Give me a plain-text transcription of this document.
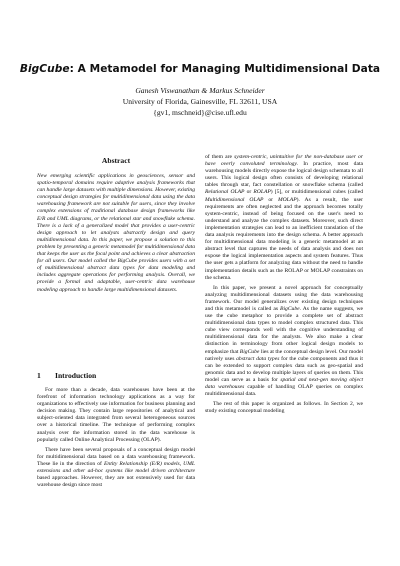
BigCube: A Metamodel for Managing Multidimensional Data
Ganesh Viswanathan & Markus Schneider
University of Florida, Gainesville, FL 32611, USA
{gv1, mschneid}@cise.ufl.edu
Abstract

New emerging scientific applications in geosciences, sensor and spatio-temporal domains require adaptive analysis frameworks that can handle large datasets with multiple dimensions. However, existing conceptual design strategies for multidimensional data using the data warehousing framework are not suitable for users, since they involve complex extensions of traditional database design frameworks like E/R and UML diagrams, or the relational star and snowflake schema. There is a lack of a generalized model that provides a user-centric design approach to let analysts abstractly design and query multidimensional data. In this paper, we propose a solution to this problem by presenting a generic metamodel for multidimensional data that keeps the user as the focal point and achieves a clear abstraction for all users. Our model called the BigCube provides users with a set of multidimensional abstract data types for data modeling and includes aggregate operations for performing analysis. Overall, we provide a formal and adaptable, user-centric data warehouse modeling approach to handle large multidimensional datasets.

1 Introduction

For more than a decade, data warehouses have been at the forefront of information technology applications as a way for organizations to effectively use information for business planning and decision making. They contain large repositories of analytical and subject-oriented data integrated from several heterogeneous sources over a historical timeline. The technique of performing complex analysis over the information stored in the data warehouse is popularly called Online Analytical Processing (OLAP).

There have been several proposals of a conceptual design model for multidimensional data based on a data warehousing framework. These lie in the direction of Entity Relationship (E/R) models, UML extensions and other ad-hoc systems like model driven architecture based approaches. However, they are not extensively used for data warehouse design since most

of them are system-centric, unintuitive for the non-database user or have overly convoluted terminology. In practice, most data warehousing models directly expose the logical design schemata to all users. This logical design often consists of developing relational tables through star, fact constellation or snowflake schema (called Relational OLAP or ROLAP) [5], or multidimensional cubes (called Multidimensional OLAP or MOLAP). As a result, the user requirements are often neglected and the approach becomes totally system-centric, instead of being focused on the user's need to understand and analyze the complex datasets. Moreover, such direct implementation strategies can lead to an inefficient translation of the data analysis requirements into the design schema. A better approach for multidimensional data modeling is a generic metamodel at an abstract level that captures the needs of data analysis and does not expose the logical implementation aspects and system features. Thus the user gets a platform for analyzing data without the need to handle implementation details such as the ROLAP or MOLAP constraints on the schema.

In this paper, we present a novel approach for conceptually analyzing multidimensional datasets using the data warehousing framework. Our model generalizes over existing design techniques and this metamodel is called as BigCube. As the name suggests, we use the cube metaphor to provide a complete set of abstract multidimensional data types to model complex structured data. This cube view corresponds well with the cognitive understanding of multidimensional data for the analysts. We also make a clear distinction in terminology from other logical design models to emphasize that BigCube lies at the conceptual design level. Our model natively uses abstract data types for the cube components and thus it can be extended to support complex data such as geo-spatial and genomic data and to develop multiple layers of queries on them. This model can serve as a basis for spatial and next-gen moving object data warehouses capable of handling OLAP queries on complex multidimensional data.

The rest of this paper is organized as follows. In Section 2, we study existing conceptual modeling
